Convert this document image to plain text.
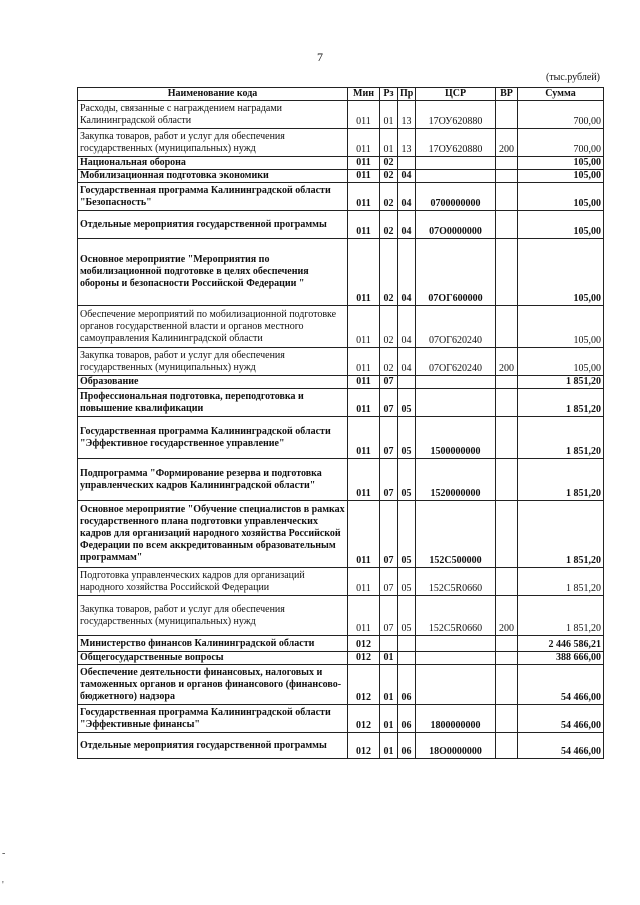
7
(тыс.рублей)
Наименование кода	Мин	Рз	Пр	ЦСР	ВР	Сумма
Расходы, связанные с награждением наградами Калининградской области	011	01	13	17ОУ620880		700,00
Закупка товаров, работ и услуг для обеспечения государственных (муниципальных) нужд	011	01	13	17ОУ620880	200	700,00
Национальная оборона	011	02				105,00
Мобилизационная подготовка экономики	011	02	04			105,00
Государственная программа Калининградской области "Безопасность"	011	02	04	0700000000		105,00
Отдельные мероприятия государственной программы	011	02	04	07О0000000		105,00
Основное мероприятие "Мероприятия по мобилизационной подготовке в целях обеспечения обороны и безопасности Российской Федерации "	011	02	04	07ОГ600000		105,00
Обеспечение мероприятий по мобилизационной подготовке органов государственной власти и органов местного самоуправления Калининградской области	011	02	04	07ОГ620240		105,00
Закупка товаров, работ и услуг для обеспечения государственных (муниципальных) нужд	011	02	04	07ОГ620240	200	105,00
Образование	011	07				1 851,20
Профессиональная подготовка, переподготовка и повышение квалификации	011	07	05			1 851,20
Государственная программа Калининградской области "Эффективное государственное управление"	011	07	05	1500000000		1 851,20
Подпрограмма "Формирование резерва и подготовка управленческих кадров Калининградской области"	011	07	05	1520000000		1 851,20
Основное мероприятие "Обучение специалистов в рамках государственного плана подготовки управленческих кадров для организаций народного хозяйства Российской Федерации по всем аккредитованным образовательным программам"	011	07	05	152С500000		1 851,20
Подготовка управленческих кадров для организаций народного хозяйства Российской Федерации	011	07	05	152С5R0660		1 851,20
Закупка товаров, работ и услуг для обеспечения государственных (муниципальных) нужд	011	07	05	152С5R0660	200	1 851,20
Министерство финансов Калининградской области	012					2 446 586,21
Общегосударственные вопросы	012	01				388 666,00
Обеспечение деятельности финансовых, налоговых и таможенных органов и органов финансового (финансово-бюджетного) надзора	012	01	06			54 466,00
Государственная программа Калининградской области "Эффективные финансы"	012	01	06	1800000000		54 466,00
Отдельные мероприятия государственной программы	012	01	06	18О0000000		54 466,00
-
'
